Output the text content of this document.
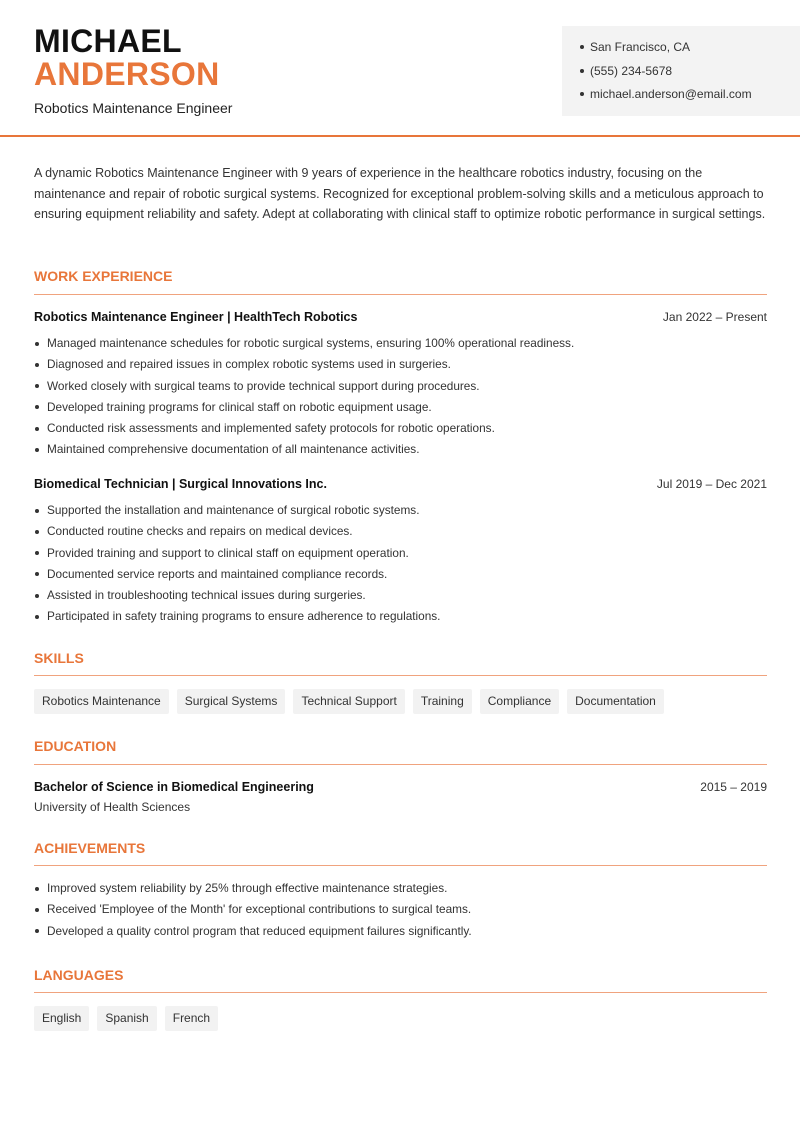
MICHAEL
ANDERSON
Robotics Maintenance Engineer
San Francisco, CA
(555) 234-5678
michael.anderson@email.com

A dynamic Robotics Maintenance Engineer with 9 years of experience in the healthcare robotics industry, focusing on the maintenance and repair of robotic surgical systems. Recognized for exceptional problem-solving skills and a meticulous approach to ensuring equipment reliability and safety. Adept at collaborating with clinical staff to optimize robotic performance in surgical settings.

WORK EXPERIENCE
Robotics Maintenance Engineer | HealthTech Robotics	Jan 2022 – Present
Managed maintenance schedules for robotic surgical systems, ensuring 100% operational readiness.
Diagnosed and repaired issues in complex robotic systems used in surgeries.
Worked closely with surgical teams to provide technical support during procedures.
Developed training programs for clinical staff on robotic equipment usage.
Conducted risk assessments and implemented safety protocols for robotic operations.
Maintained comprehensive documentation of all maintenance activities.
Biomedical Technician | Surgical Innovations Inc.	Jul 2019 – Dec 2021
Supported the installation and maintenance of surgical robotic systems.
Conducted routine checks and repairs on medical devices.
Provided training and support to clinical staff on equipment operation.
Documented service reports and maintained compliance records.
Assisted in troubleshooting technical issues during surgeries.
Participated in safety training programs to ensure adherence to regulations.
SKILLS
Robotics Maintenance	Surgical Systems	Technical Support	Training	Compliance	Documentation
EDUCATION
Bachelor of Science in Biomedical Engineering	2015 – 2019
University of Health Sciences
ACHIEVEMENTS
Improved system reliability by 25% through effective maintenance strategies.
Received 'Employee of the Month' for exceptional contributions to surgical teams.
Developed a quality control program that reduced equipment failures significantly.
LANGUAGES
English	Spanish	French
